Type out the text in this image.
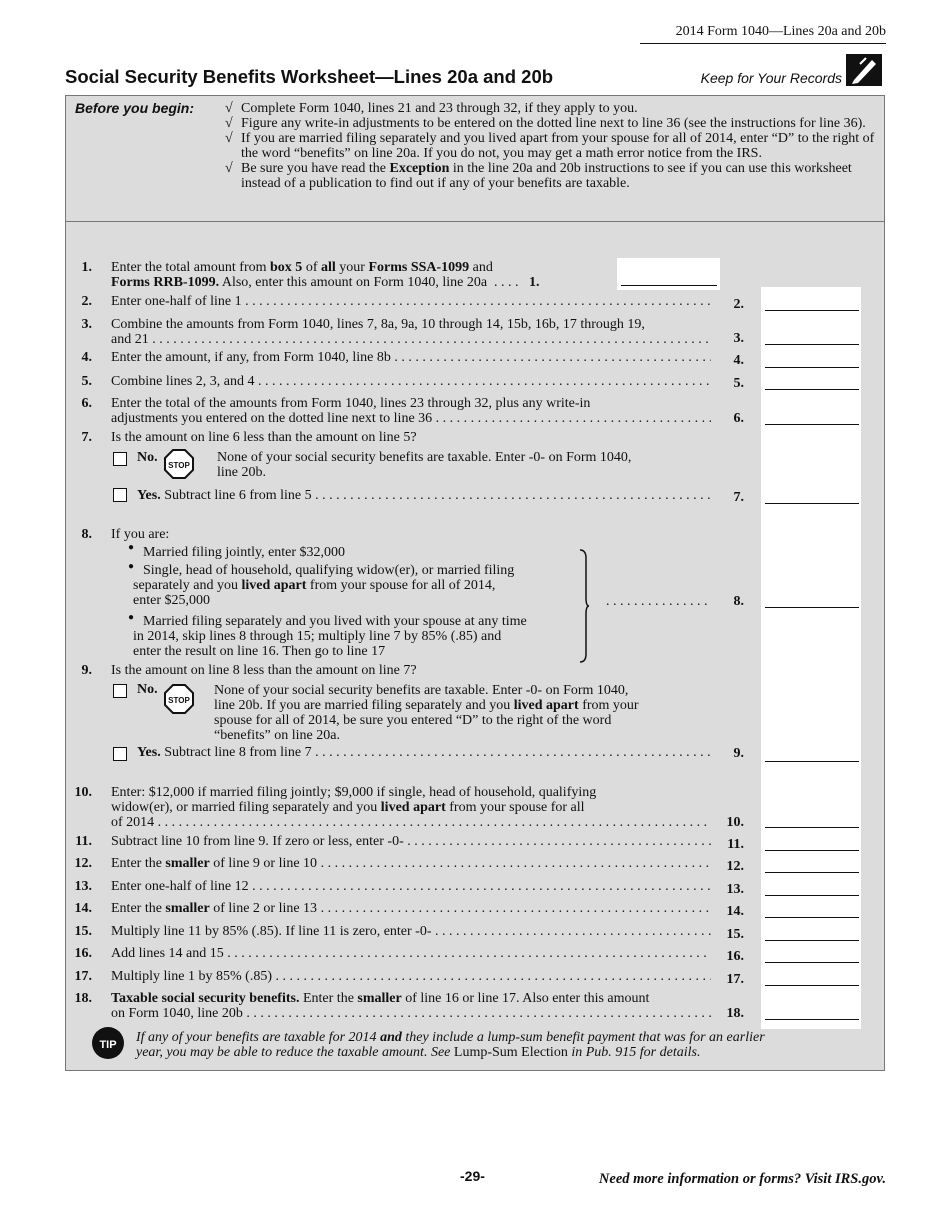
2014 Form 1040—Lines 20a and 20b
Social Security Benefits Worksheet—Lines 20a and 20b	Keep for Your Records
Before you begin: √ Complete Form 1040, lines 21 and 23 through 32, if they apply to you.

√ Figure any write-in adjustments to be entered on the dotted line next to line 36 (see the instructions for line 36).

√ If you are married filing separately and you lived apart from your spouse for all of 2014, enter “D” to the right of the word “benefits” on line 20a. If you do not, you may get a math error notice from the IRS.

√ Be sure you have read the Exception in the line 20a and 20b instructions to see if you can use this worksheet instead of a publication to find out if any of your benefits are taxable.

1. Enter the total amount from box 5 of all your Forms SSA-1099 and
Forms RRB-1099. Also, enter this amount on Form 1040, line 20a . . . . 1.
2. Enter one-half of line 1 . . .	2.
3. Combine the amounts from Form 1040, lines 7, 8a, 9a, 10 through 14, 15b, 16b, 17 through 19,
and 21 . . .	3.
4. Enter the amount, if any, from Form 1040, line 8b . . .	4.
5. Combine lines 2, 3, and 4 . . .	5.
6. Enter the total of the amounts from Form 1040, lines 23 through 32, plus any write-in
adjustments you entered on the dotted line next to line 36 . . .	6.
7. Is the amount on line 6 less than the amount on line 5?
No.
STOP
None of your social security benefits are taxable. Enter -0- on Form 1040,
line 20b.
Yes. Subtract line 6 from line 5 . . .	7.
8. If you are:
● Married filing jointly, enter $32,000
● Single, head of household, qualifying widow(er), or married filing
separately and you lived apart from your spouse for all of 2014,
enter $25,000
● Married filing separately and you lived with your spouse at any time
in 2014, skip lines 8 through 15; multiply line 7 by 85% (.85) and
enter the result on line 16. Then go to line 17
. . . . . . . . . . . . . . .	8.
9. Is the amount on line 8 less than the amount on line 7?
No.
STOP
None of your social security benefits are taxable. Enter -0- on Form 1040,
line 20b. If you are married filing separately and you lived apart from your
spouse for all of 2014, be sure you entered “D” to the right of the word
“benefits” on line 20a.
Yes. Subtract line 8 from line 7 . . .	9.
10. Enter: $12,000 if married filing jointly; $9,000 if single, head of household, qualifying
widow(er), or married filing separately and you lived apart from your spouse for all
of 2014 . . .	10.
11. Subtract line 10 from line 9. If zero or less, enter -0- . . .	11.
12. Enter the smaller of line 9 or line 10 . . .	12.
13. Enter one-half of line 12 . . .	13.
14. Enter the smaller of line 2 or line 13 . . .	14.
15. Multiply line 11 by 85% (.85). If line 11 is zero, enter -0- . . .	15.
16. Add lines 14 and 15 . . .	16.
17. Multiply line 1 by 85% (.85) . . .	17.
18. Taxable social security benefits. Enter the smaller of line 16 or line 17. Also enter this amount
on Form 1040, line 20b . . .	18.
TIP If any of your benefits are taxable for 2014 and they include a lump-sum benefit payment that was for an earlier
year, you may be able to reduce the taxable amount. See Lump-Sum Election in Pub. 915 for details.
-29-	Need more information or forms? Visit IRS.gov.
